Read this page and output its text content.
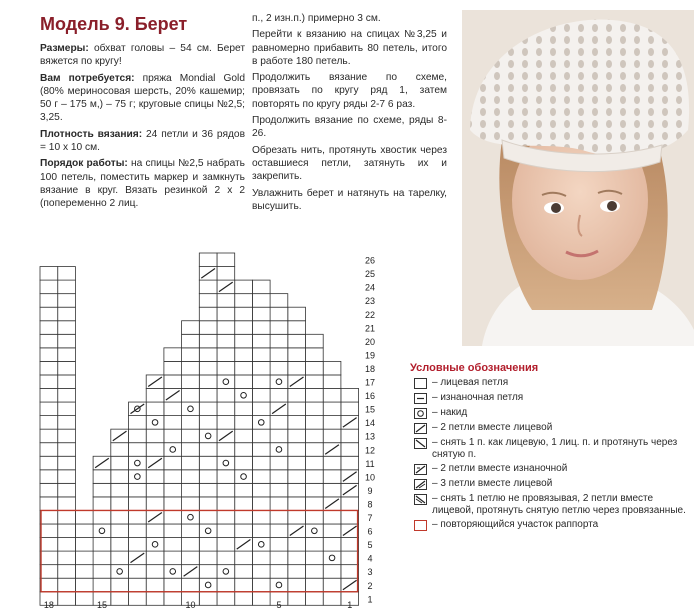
Модель 9. Берет

Размеры: обхват головы – 54 см. Берет вяжется по кругу!

Вам потребуется: пряжа Mondial Gold (80% мериносовая шерсть, 20% кашемир; 50 г – 175 м,) – 75 г; круговые спицы №2,5; 3,25.

Плотность вязания: 24 петли и 36 рядов = 10 х 10 см.

Порядок работы: на спицы №2,5 набрать 100 петель, поместить маркер и замкнуть вязание в круг. Вязать резинкой 2 х 2 (попеременно 2 лиц.

п., 2 изн.п.) примерно 3 см.

Перейти к вязанию на спицах №3,25 и равномерно прибавить 80 петель, итого в работе 180 петель.

Продолжить вязание по схеме, провязать по кругу ряд 1, затем повторять по кругу ряды 2-7 6 раз.

Продолжить вязание по схеме, ряды 8-26.

Обрезать нить, протянуть хвостик через оставшиеся петли, затянуть их и закрепить.

Увлажнить берет и натянуть на тарелку, высушить.

26
25
24
23
22
21
20
19
18
17
16
15
14
13
12
11
10
9
8
7
6
5
4
3
2
1
18	15	10	5	1
Условные обозначения
– лицевая петля
– изнаночная петля
– накид
– 2 петли вместе лицевой
– снять 1 п. как лицевую, 1 лиц. п. и протянуть через снятую п.
– 2 петли вместе изнаночной
– 3 петли вместе лицевой
– снять 1 петлю не провязывая, 2 петли вместе лицевой, протянуть снятую петлю через провязанные.
– повторяющийся участок раппорта
